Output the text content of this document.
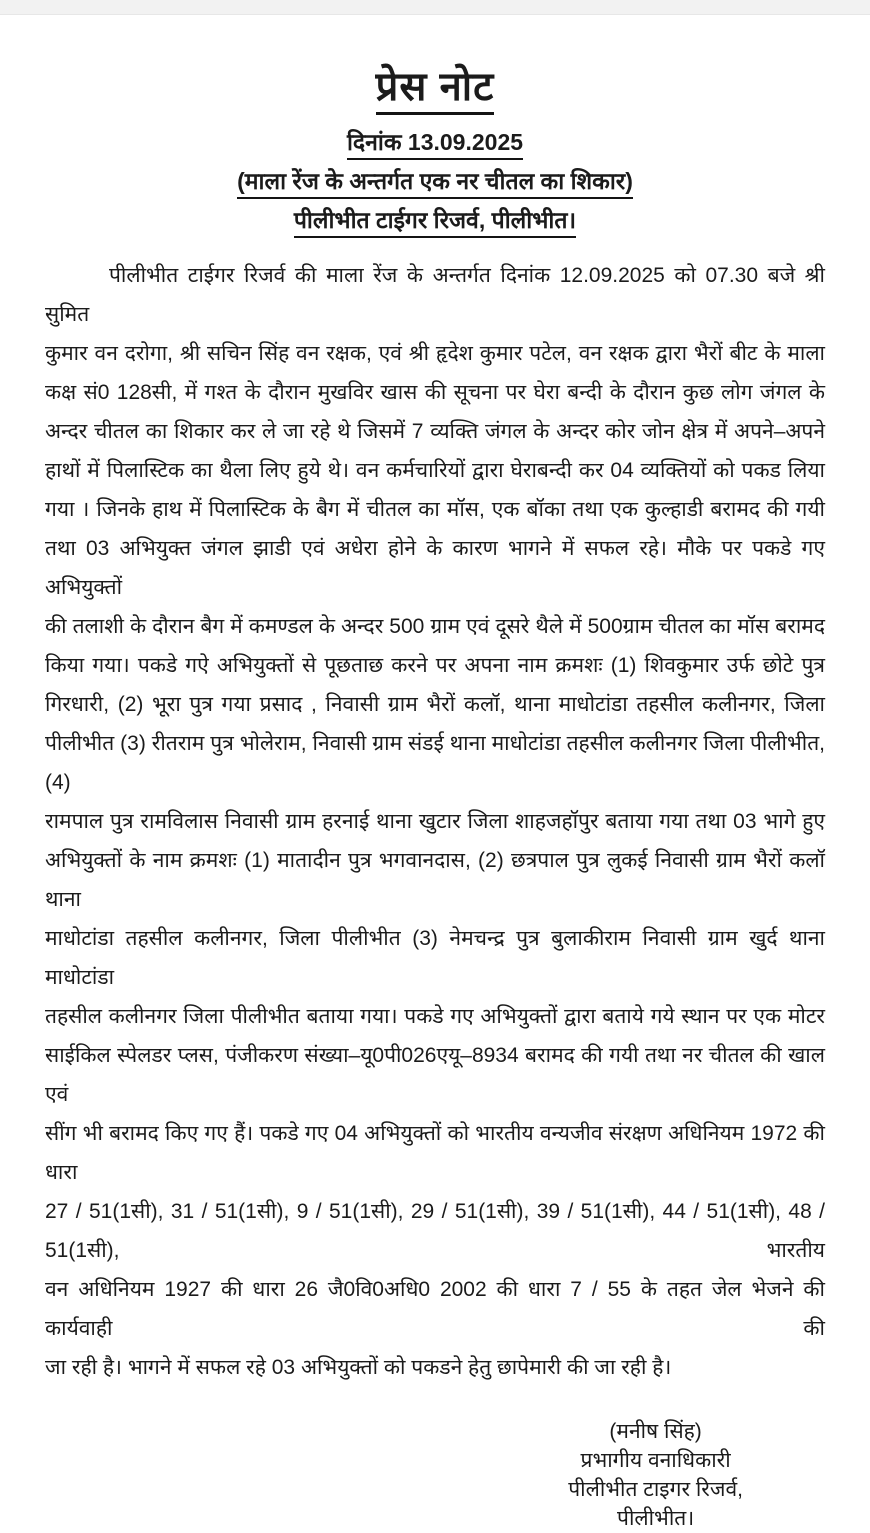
प्रेस नोट
दिनांक 13.09.2025
(माला रेंज के अन्तर्गत एक नर चीतल का शिकार)
पीलीभीत टाईगर रिजर्व, पीलीभीत।
पीलीभीत टाईगर रिजर्व की माला रेंज के अन्तर्गत दिनांक 12.09.2025 को 07.30 बजे श्री सुमित
कुमार वन दरोगा, श्री सचिन सिंह वन रक्षक, एवं श्री हृदेश कुमार पटेल, वन रक्षक द्वारा भैरों बीट के माला
कक्ष सं0 128सी, में गश्त के दौरान मुखविर खास की सूचना पर घेरा बन्दी के दौरान कुछ लोग जंगल के
अन्दर चीतल का शिकार कर ले जा रहे थे जिसमें 7 व्यक्ति जंगल के अन्दर कोर जोन क्षेत्र में अपने–अपने
हाथों में पिलास्टिक का थैला लिए हुये थे। वन कर्मचारियों द्वारा घेराबन्दी कर 04 व्यक्तियों को पकड लिया
गया । जिनके हाथ में पिलास्टिक के बैग में चीतल का मॉस, एक बॉका तथा एक कुल्हाडी बरामद की गयी
तथा 03 अभियुक्त जंगल झाडी एवं अधेरा होने के कारण भागने में सफल रहे। मौके पर पकडे गए अभियुक्तों
की तलाशी के दौरान बैग में कमण्डल के अन्दर 500 ग्राम एवं दूसरे थैले में 500ग्राम चीतल का मॉस बरामद
किया गया। पकडे गऐ अभियुक्तों से पूछताछ करने पर अपना नाम क्रमशः (1) शिवकुमार उर्फ छोटे पुत्र
गिरधारी, (2) भूरा पुत्र गया प्रसाद , निवासी ग्राम भैरों कलॉ, थाना माधोटांडा तहसील कलीनगर, जिला
पीलीभीत (3) रीतराम पुत्र भोलेराम, निवासी ग्राम संडई थाना माधोटांडा तहसील कलीनगर जिला पीलीभीत, (4)
रामपाल पुत्र रामविलास निवासी ग्राम हरनाई थाना खुटार जिला शाहजहॉपुर बताया गया तथा 03 भागे हुए
अभियुक्तों के नाम क्रमशः (1) मातादीन पुत्र भगवानदास, (2) छत्रपाल पुत्र लुकई निवासी ग्राम भैरों कलॉ थाना
माधोटांडा तहसील कलीनगर, जिला पीलीभीत (3) नेमचन्द्र पुत्र बुलाकीराम निवासी ग्राम खुर्द थाना माधोटांडा
तहसील कलीनगर जिला पीलीभीत बताया गया। पकडे गए अभियुक्तों द्वारा बताये गये स्थान पर एक मोटर
साईकिल स्पेलडर प्लस, पंजीकरण संख्या–यू0पी026एयू–8934 बरामद की गयी तथा नर चीतल की खाल एवं
सींग भी बरामद किए गए हैं। पकडे गए 04 अभियुक्तों को भारतीय वन्यजीव संरक्षण अधिनियम 1972 की धारा
27 / 51(1सी), 31 / 51(1सी), 9 / 51(1सी), 29 / 51(1सी), 39 / 51(1सी), 44 / 51(1सी), 48 / 51(1सी), भारतीय
वन अधिनियम 1927 की धारा 26 जै0वि0अधि0 2002 की धारा 7 / 55 के तहत जेल भेजने की कार्यवाही की
जा रही है। भागने में सफल रहे 03 अभियुक्तों को पकडने हेतु छापेमारी की जा रही है।
(मनीष सिंह)
प्रभागीय वनाधिकारी
पीलीभीत टाइगर रिजर्व,
पीलीभीत।
